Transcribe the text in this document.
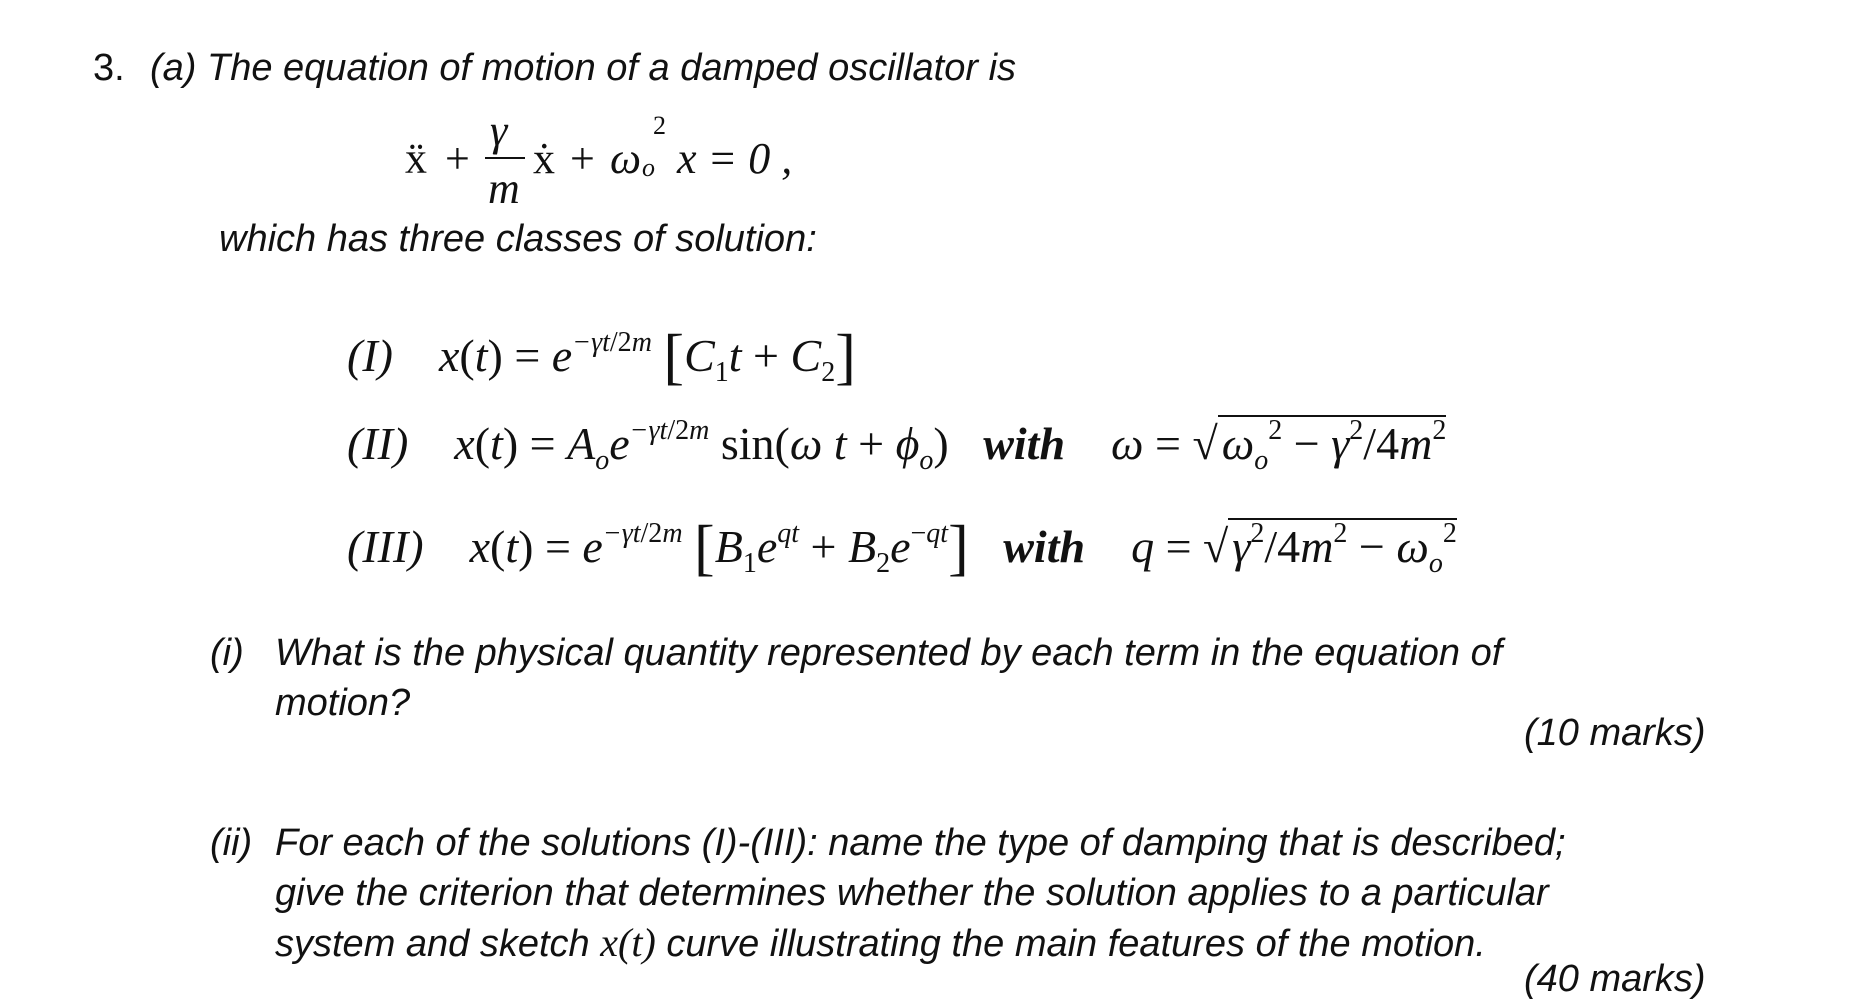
3. (a) The equation of motion of a damped oscillator is
ẍ +
γ
m
ẋ + ω o
2
x = 0 ,
which has three classes of solution:
(I) $x(t) = e^{-\gamma t/2m}$ $[C_1t + C_2]$
(II) $x(t) = A_oe^{-\gamma t/2m}$ sin(ω $t + \phi_o$)   with $\omega = √\omega_o^2 - \gamma^2/4m^2$
(III) $x(t) = e^{-\gamma t/2m}$ $[B_1e^{qt} + B_2e^{-qt}]$ with $q = √\gamma^2/4m^2 - \omega_o^2$
(i) What is the physical quantity represented by each term in the equation of
motion?
(10 marks)
(ii) For each of the solutions (I)-(III): name the type of damping that is described;
give the criterion that determines whether the solution applies to a particular
system and sketch x(t) curve illustrating the main features of the motion.
(40 marks)
